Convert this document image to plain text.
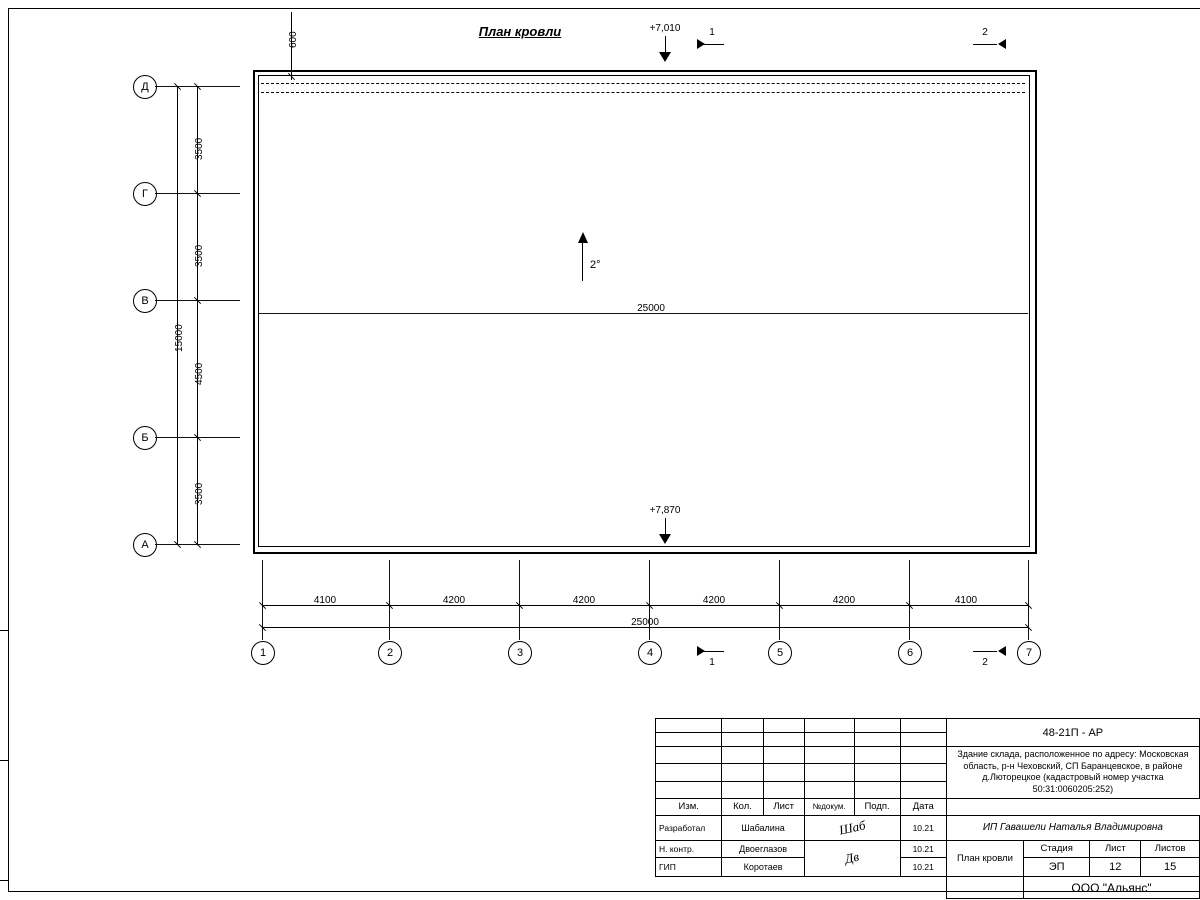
План кровли
25000
2°
600
+7,010
+7,870
1	2
1	2
Д
Г
В
Б
А
3500
3500
4500
3500
15000
4100	4200	4200	4200	4200	4100
25000
1	2	3	4	5	6	7
						48-21П - АР			

						Здание склада, расположенное по адресу: Московская область, р-н Чеховский, СП Баранцевское, в районе д.Люторецкое (кадастровый номер участка 50:31:0060205:252)			

Изм.	Кол.	Лист	№докум.	Подп.	Дата				
Разработал	Шабалина		Шаб		10.21	ИП Гавашели Наталья Владимировна			
Н. контр.	Двоеглазов		Дв		10.21	План кровли	Стадия	Лист	Листов
ГИП	Коротаев				10.21		ЭП	12	15
							ООО "Альянс"		
